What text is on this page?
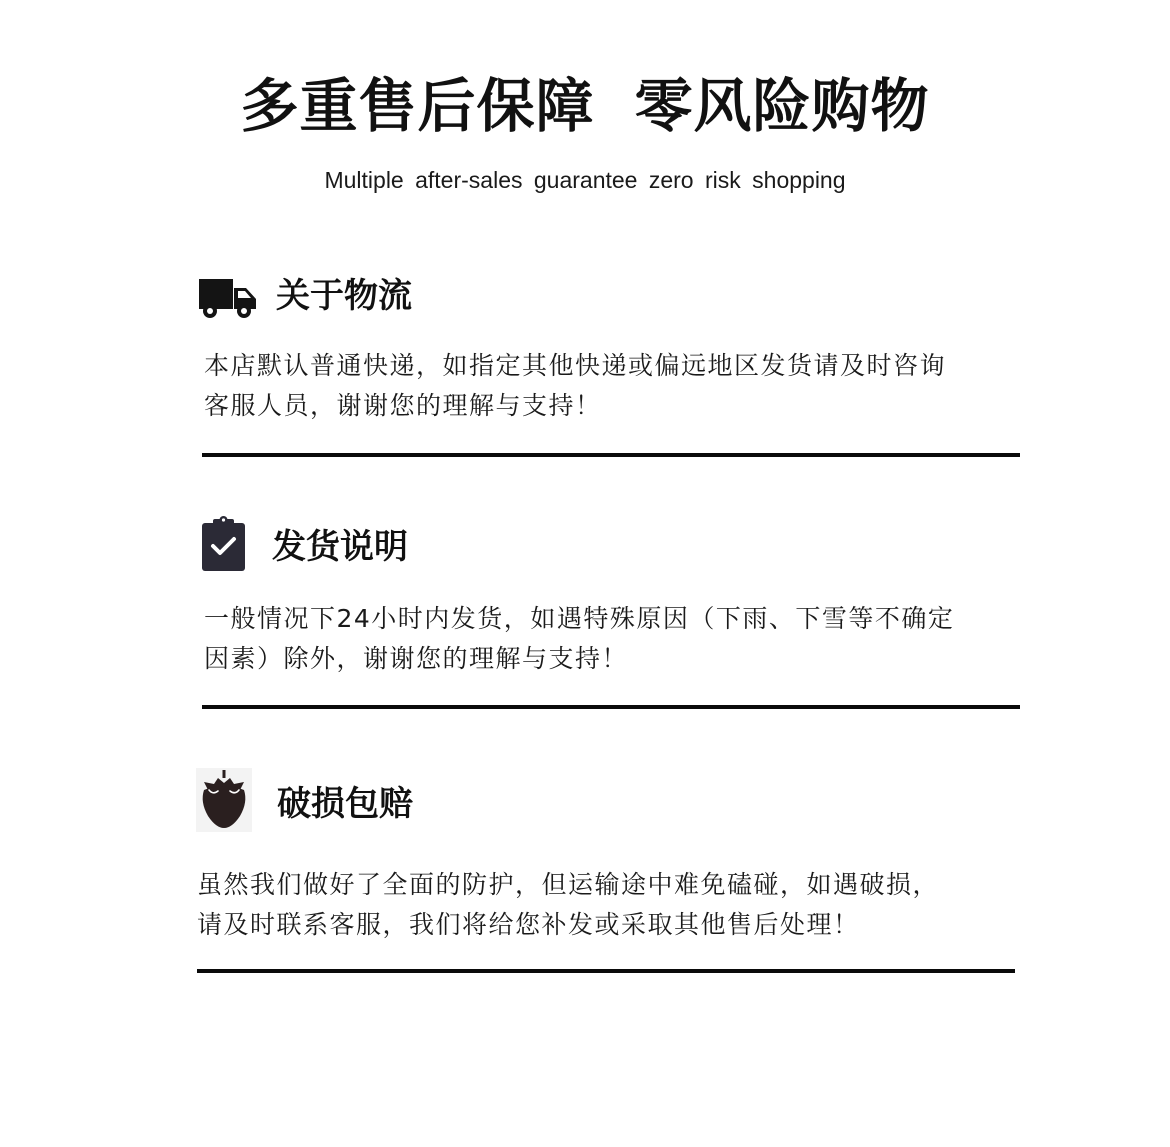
多重售后保障 零风险购物
Multiple after-sales guarantee zero risk shopping
关于物流
本店默认普通快递，如指定其他快递或偏远地区发货请及时咨询
客服人员，谢谢您的理解与支持！
发货说明
一般情况下24小时内发货，如遇特殊原因（下雨、下雪等不确定
因素）除外，谢谢您的理解与支持！
破损包赔
虽然我们做好了全面的防护，但运输途中难免磕碰，如遇破损，
请及时联系客服，我们将给您补发或采取其他售后处理！
